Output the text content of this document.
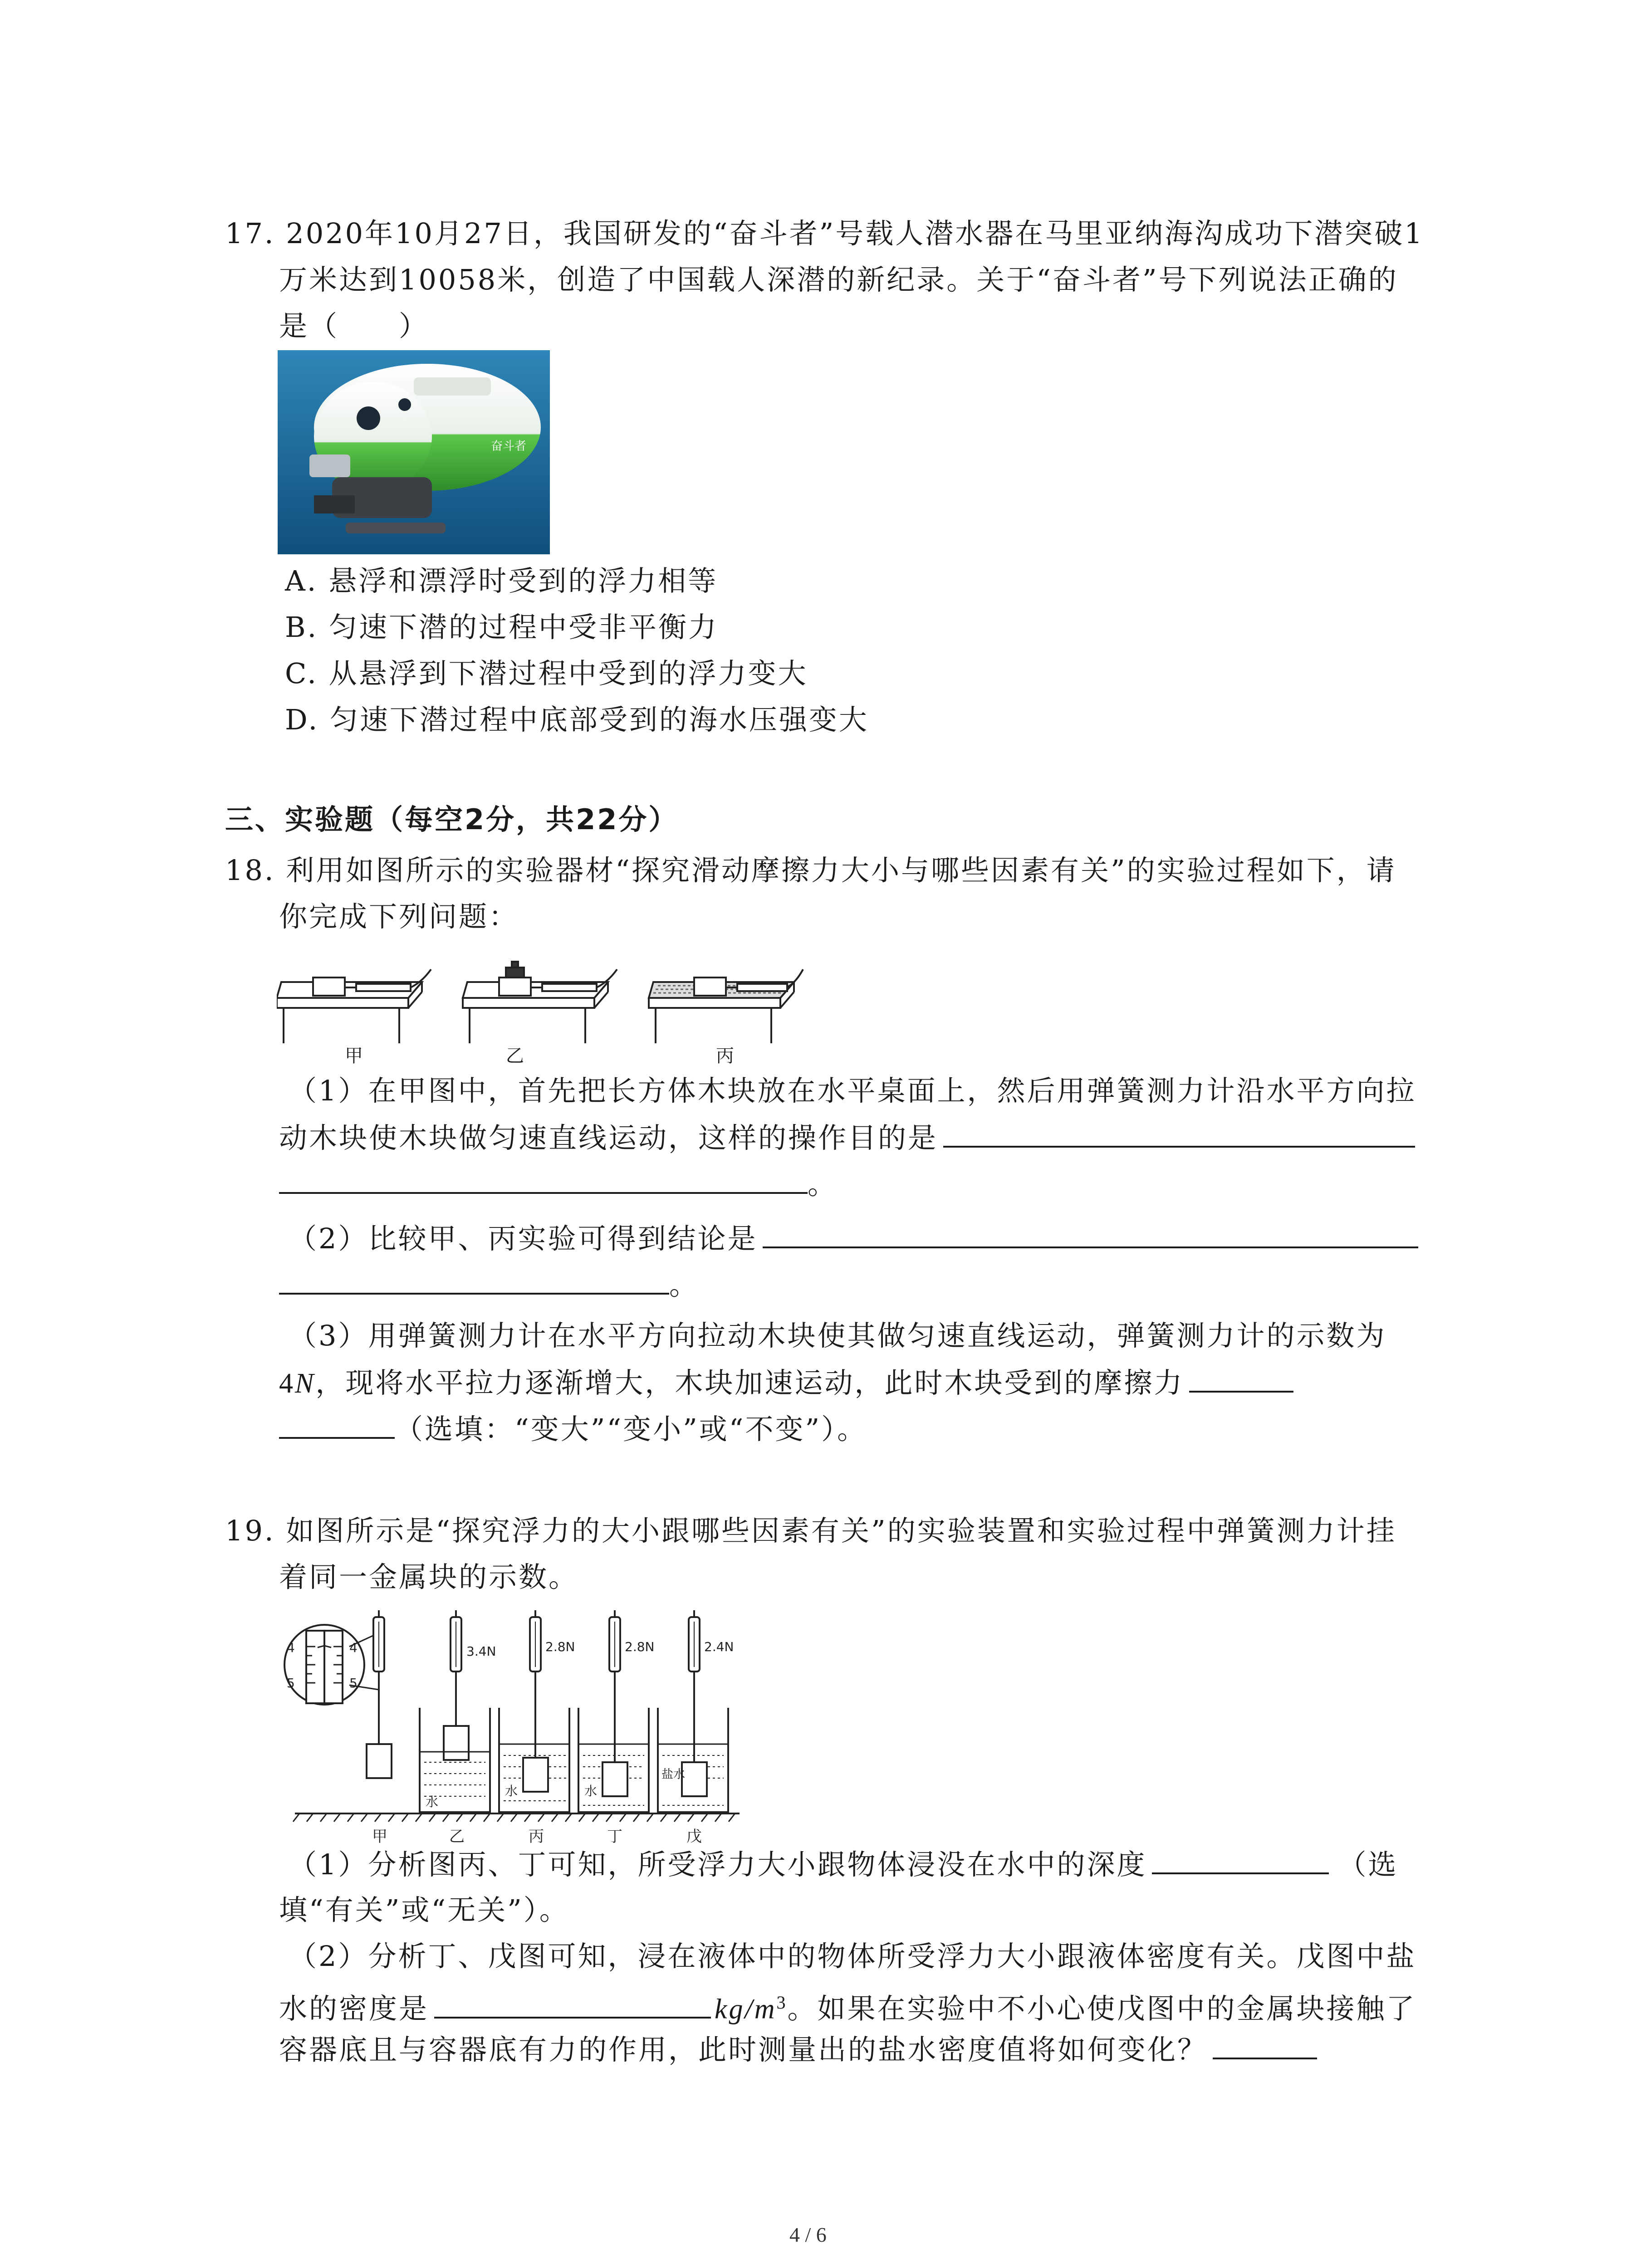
17. 2020年10月27日，我国研发的“奋斗者”号载人潜水器在马里亚纳海沟成功下潜突破1
万米达到10058米，创造了中国载人深潜的新纪录。关于“奋斗者”号下列说法正确的
是（　　）
奋斗者
A. 悬浮和漂浮时受到的浮力相等
B. 匀速下潜的过程中受非平衡力
C. 从悬浮到下潜过程中受到的浮力变大
D. 匀速下潜过程中底部受到的海水压强变大
三、实验题（每空2分，共22分）
18. 利用如图所示的实验器材“探究滑动摩擦力大小与哪些因素有关”的实验过程如下，请
你完成下列问题：
甲	乙	丙
（1）在甲图中，首先把长方体木块放在水平桌面上，然后用弹簧测力计沿水平方向拉
动木块使木块做匀速直线运动，这样的操作目的是
。
（2）比较甲、丙实验可得到结论是
。
（3）用弹簧测力计在水平方向拉动木块使其做匀速直线运动，弹簧测力计的示数为
4N，现将水平拉力逐渐增大，木块加速运动，此时木块受到的摩擦力
（选填：“变大”“变小”或“不变”）。
19. 如图所示是“探究浮力的大小跟哪些因素有关”的实验装置和实验过程中弹簧测力计挂
着同一金属块的示数。
4	4
5	5
3.4N	2.8N	2.8N	2.4N
水
水	水
盐水
甲	乙	丙	丁	戊
（1）分析图丙、丁可知，所受浮力大小跟物体浸没在水中的深度	（选
填“有关”或“无关”）。
（2）分析丁、戊图可知，浸在液体中的物体所受浮力大小跟液体密度有关。戊图中盐
水的密度是	$kg/m^3$。如果在实验中不小心使戊图中的金属块接触了
容器底且与容器底有力的作用，此时测量出的盐水密度值将如何变化？
4 / 6
